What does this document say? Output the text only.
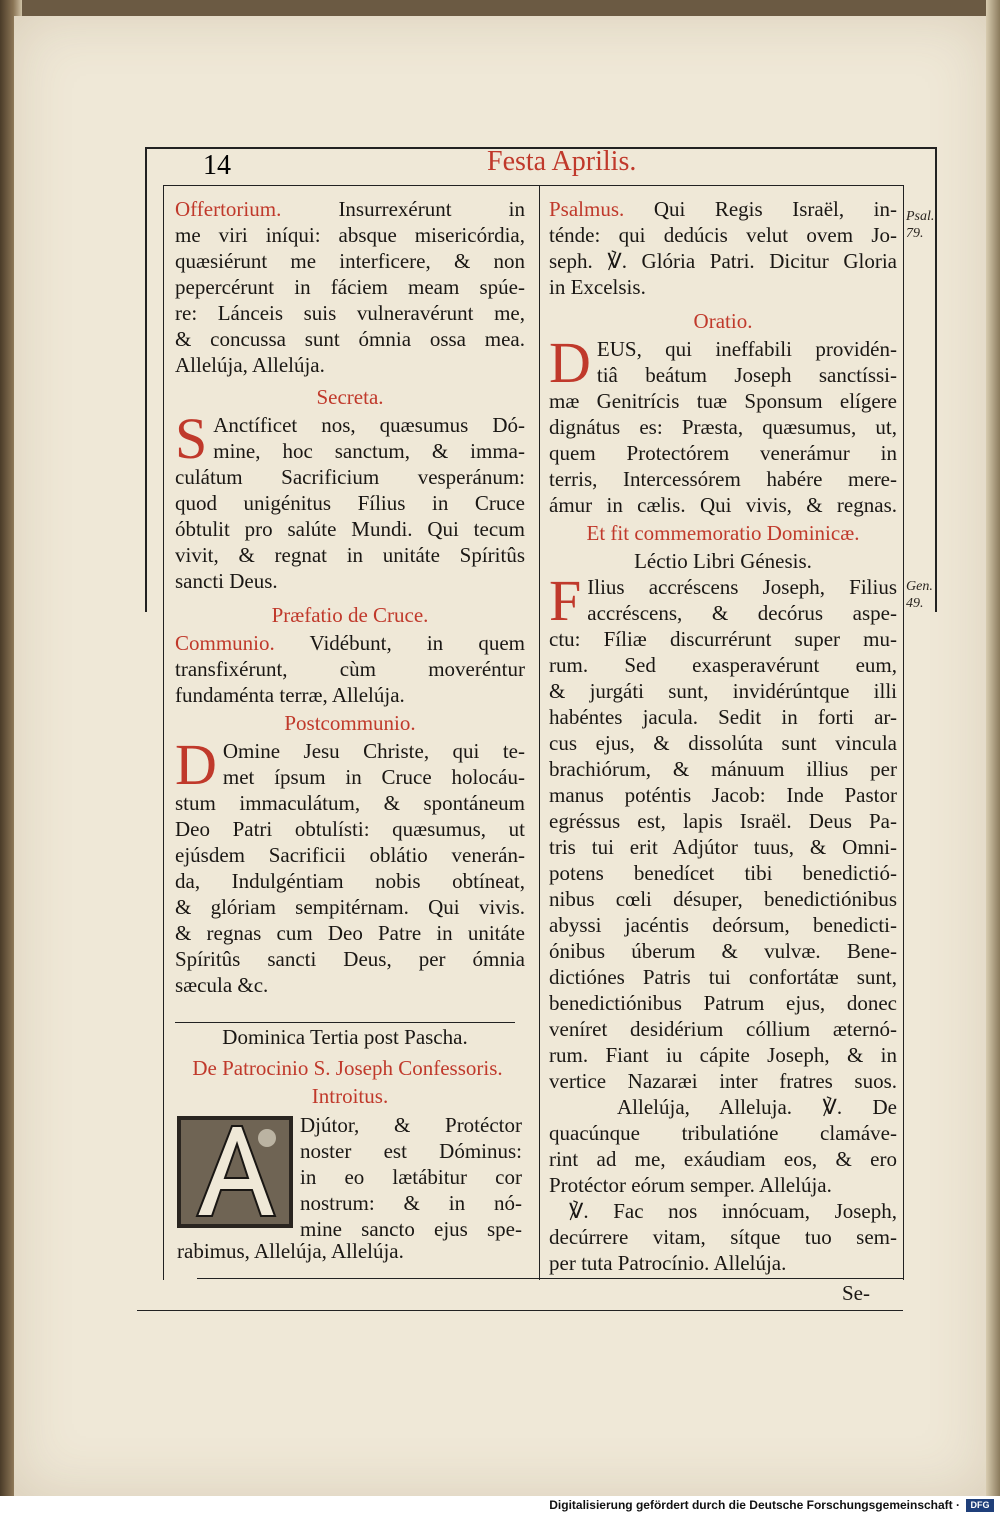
14	Festa Aprilis.
Psal.
79.
Gen.
49.
Offertorium.	Insurrexérunt in
me viri iníqui: absque misericórdia,
quæsiérunt me interficere, & non
pepercérunt in fáciem meam spúe-
re: Lánceis suis vulneravérunt me,
& concussa sunt ómnia ossa mea.
Allelúja, Allelúja.
Secreta.
S Anctíficet nos, quæsumus Dó-
mine, hoc sanctum, & imma-
culátum Sacrificium vesperánum:
quod unigénitus Fílius in Cruce
óbtulit pro salúte Mundi. Qui tecum
vivit, & regnat in unitáte Spíritûs
sancti Deus.
Præfatio de Cruce.
Communio. Vidébunt, in quem
transfixérunt, cùm moveréntur
fundaménta terræ, Allelúja.
Postcommunio.
D Omine Jesu Christe, qui te-
met ípsum in Cruce holocáu-
stum immaculátum, & spontáneum
Deo Patri obtulísti: quæsumus, ut
ejúsdem Sacrificii oblátio venerán-
da, Indulgéntiam nobis obtíneat,
& glóriam sempitérnam. Qui vivis.
& regnas cum Deo Patre in unitáte
Spíritûs sancti Deus, per ómnia
sæcula &c.
Dominica Tertia post Pascha.
De Patrocinio S. Joseph Confessoris.
Introitus.
Djútor, & Protéctor
noster est Dóminus:
in eo lætábitur cor
nostrum: & in nó-
mine sancto ejus spe-
rabimus, Allelúja, Allelúja.
Psalmus. Qui Regis Israël, in-
ténde: qui dedúcis velut ovem Jo-
seph. ℣. Glória Patri. Dicitur Gloria
in Excelsis.
Oratio.
D EUS, qui ineffabili providén-
tiâ beátum Joseph sanctíssi-
mæ Genitrícis tuæ Sponsum elígere
dignátus es: Præsta, quæsumus, ut,
quem Protectórem venerámur in
terris, Intercessórem habére mere-
ámur in cælis. Qui vivis, & regnas.
Et fit commemoratio Dominicæ.
Léctio Libri Génesis.
F Ilius accréscens Joseph, Filius
accréscens, & decórus aspe-
ctu: Fíliæ discurrérunt super mu-
rum. Sed exasperavérunt eum,
& jurgáti sunt, invidérúntque illi
habéntes jacula. Sedit in forti ar-
cus ejus, & dissolúta sunt vincula
brachiórum, & mánuum illius per
manus poténtis Jacob: Inde Pastor
egréssus est, lapis Israël. Deus Pa-
tris tui erit Adjútor tuus, & Omni-
potens benedícet tibi benedictió-
nibus cœli désuper, benedictiónibus
abyssi jacéntis deórsum, benedicti-
ónibus úberum & vulvæ. Bene-
dictiónes Patris tui confortátæ sunt,
benedictiónibus Patrum ejus, donec
veníret desidérium cóllium æternó-
rum. Fiant iu cápite Joseph, & in
vertice Nazaræi inter fratres suos.
Allelúja, Alleluja. ℣. De
quacúnque tribulatióne clamáve-
rint ad me, exáudiam eos, & ero
Protéctor eórum semper. Allelúja.
℣. Fac nos innócuam, Joseph,
decúrrere vitam, sítque tuo sem-
per tuta Patrocínio. Allelúja.
Se-
Digitalisierung gefördert durch die Deutsche Forschungsgemeinschaft ·	DFG
